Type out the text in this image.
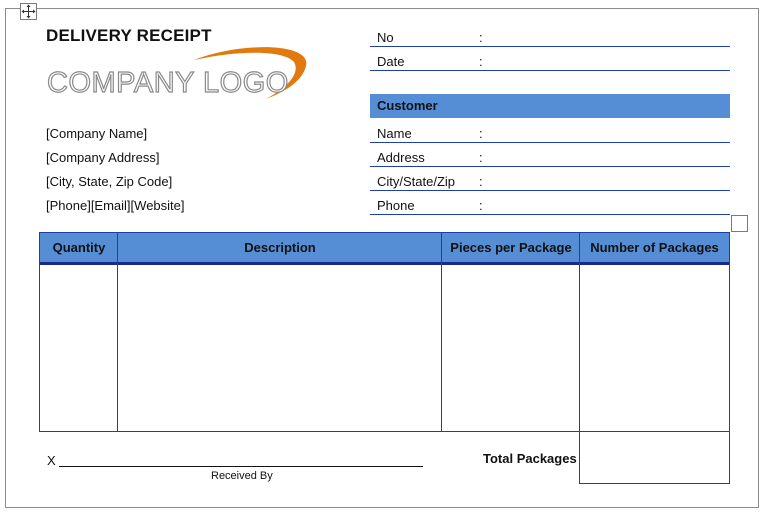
DELIVERY RECEIPT
COMPANY LOGO
[Company Name]
[Company Address]
[City, State, Zip Code]
[Phone][Email][Website]
No	:
Date	:
Customer
Name	:
Address	:
City/State/Zip :
Phone	:
Quantity	Description	Pieces per Package	Number of Packages
Total Packages
X
Received By
